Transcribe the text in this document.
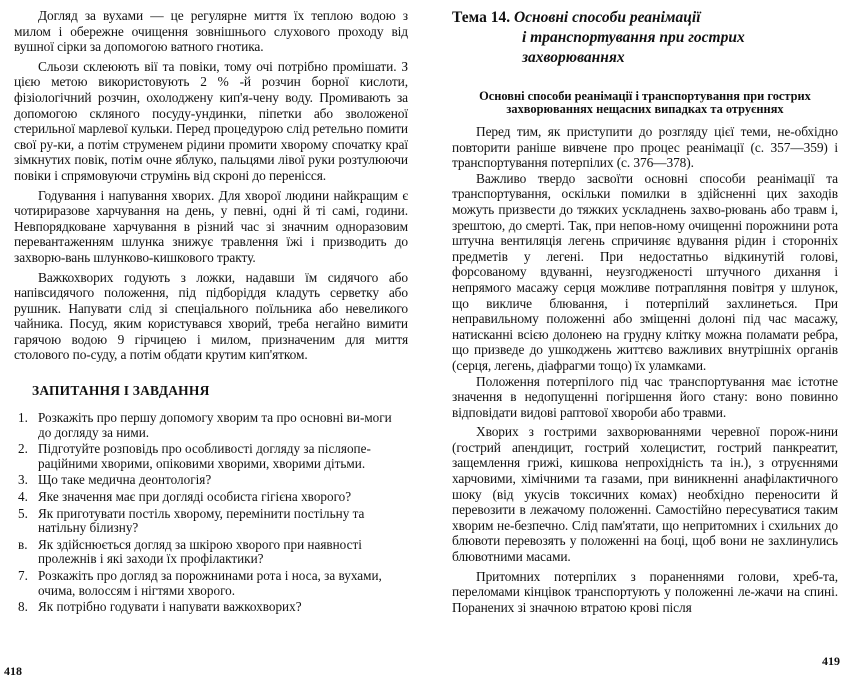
Догляд за вухами — це регулярне миття їх теплою водою з милом і обережне очищення зовнішнього слухового проходу від вушної сірки за допомогою ватного гнотика.

Сльози склеюють вії та повіки, тому очі потрібно промішати. З цією метою використовують 2 % -й розчин борної кислоти, фізіологічний розчин, охолоджену кип'я-чену воду. Промивають за допомогою скляного посуду-ундинки, піпетки або зволоженої стерильної марлевої кульки. Перед процедурою слід ретельно помити свої ру-ки, а потім струменем рідини промити хворому спочатку краї зімкнутих повік, потім очне яблуко, пальцями лівої руки розтулюючи повіки і спрямовуючи струмінь від скроні до перенісся.

Годування і напування хворих. Для хворої людини найкращим є чотириразове харчування на день, у певні, одні й ті самі, години. Невпорядковане харчування в різний час зі значним одноразовим перевантаженням шлунка знижує травлення їжі і призводить до захворю-вань шлунково-кишкового тракту.

Важкохворих годують з ложки, надавши їм сидячого або напівсидячого положення, під підборіддя кладуть серветку або рушник. Напувати слід зі спеціального поїльника або невеликого чайника. Посуд, яким користувався хворий, треба негайно вимити гарячою водою 9 гірчицею і милом, призначеним для миття столового по-суду, а потім обдати крутим кип'ятком.

ЗАПИТАННЯ І ЗАВДАННЯ
1. Розкажіть про першу допомогу хворим та про основні ви-моги до догляду за ними.
2. Підготуйте розповідь про особливості догляду за післяопе-раційними хворими, опіковими хворими, хворими дітьми.
3. Що таке медична деонтологія?
4. Яке значення має при догляді особиста гігієна хворого?
5. Як приготувати постіль хворому, перемінити постільну та натільну білизну?
в. Як здійснюється догляд за шкірою хворого при наявності пролежнів і які заходи їх профілактики?
7. Розкажіть про догляд за порожнинами рота і носа, за вухами, очима, волоссям і нігтями хворого.
8. Як потрібно годувати і напувати важкохворих?
418
Тема 14. Основні способи реанімації
і транспортування при гострих
захворюваннях
Основні способи реанімації і транспортування при гострих захворюваннях нещасних випадках та отруєннях

Перед тим, як приступити до розгляду цієї теми, не-обхідно повторити раніше вивчене про процес реанімації (с. 357—359) і транспортування потерпілих (с. 376—378).

Важливо твердо засвоїти основні способи реанімації та транспортування, оскільки помилки в здійсненні цих заходів можуть призвести до тяжких ускладнень захво-рювань або травм і, зрештою, до смерті. Так, при непов-ному очищенні порожнини рота штучна вентиляція легень спричиняє вдування рідин і сторонніх предметів у легені. При недостатньо відкинутій голові, форсованому вдуванні, неузгодженості штучного дихання і непрямого масажу серця можливе потрапляння повітря у шлунок, що викличе блювання, і потерпілий захлинеться. При неправильному положенні або зміщенні долоні під час масажу, натисканні всією долонею на грудну клітку можна поламати ребра, що призведе до ушкоджень життєво важливих внутрішніх органів (серця, легень, діафрагми тощо) їх уламками.

Положення потерпілого під час транспортування має істотне значення в недопущенні погіршення його стану: воно повинно відповідати видові раптової хвороби або травми.

Хворих з гострими захворюваннями черевної порож-нини (гострий апендицит, гострий холецистит, гострий панкреатит, защемлення грижі, кишкова непрохідність та ін.), з отруєннями харчовими, хімічними та газами, при виникненні анафілактичного шоку (від укусів токсичних комах) необхідно переносити й перевозити в лежачому положенні. Самостійно пересуватися таким хворим не-безпечно. Слід пам'ятати, що непритомних і схильних до блювоти перевозять у положенні на боці, щоб вони не захлинулись блювотними масами.

Притомних потерпілих з пораненнями голови, хреб-та, переломами кінцівок транспортують у положенні ле-жачи на спині. Поранених зі значною втратою крові після

419
